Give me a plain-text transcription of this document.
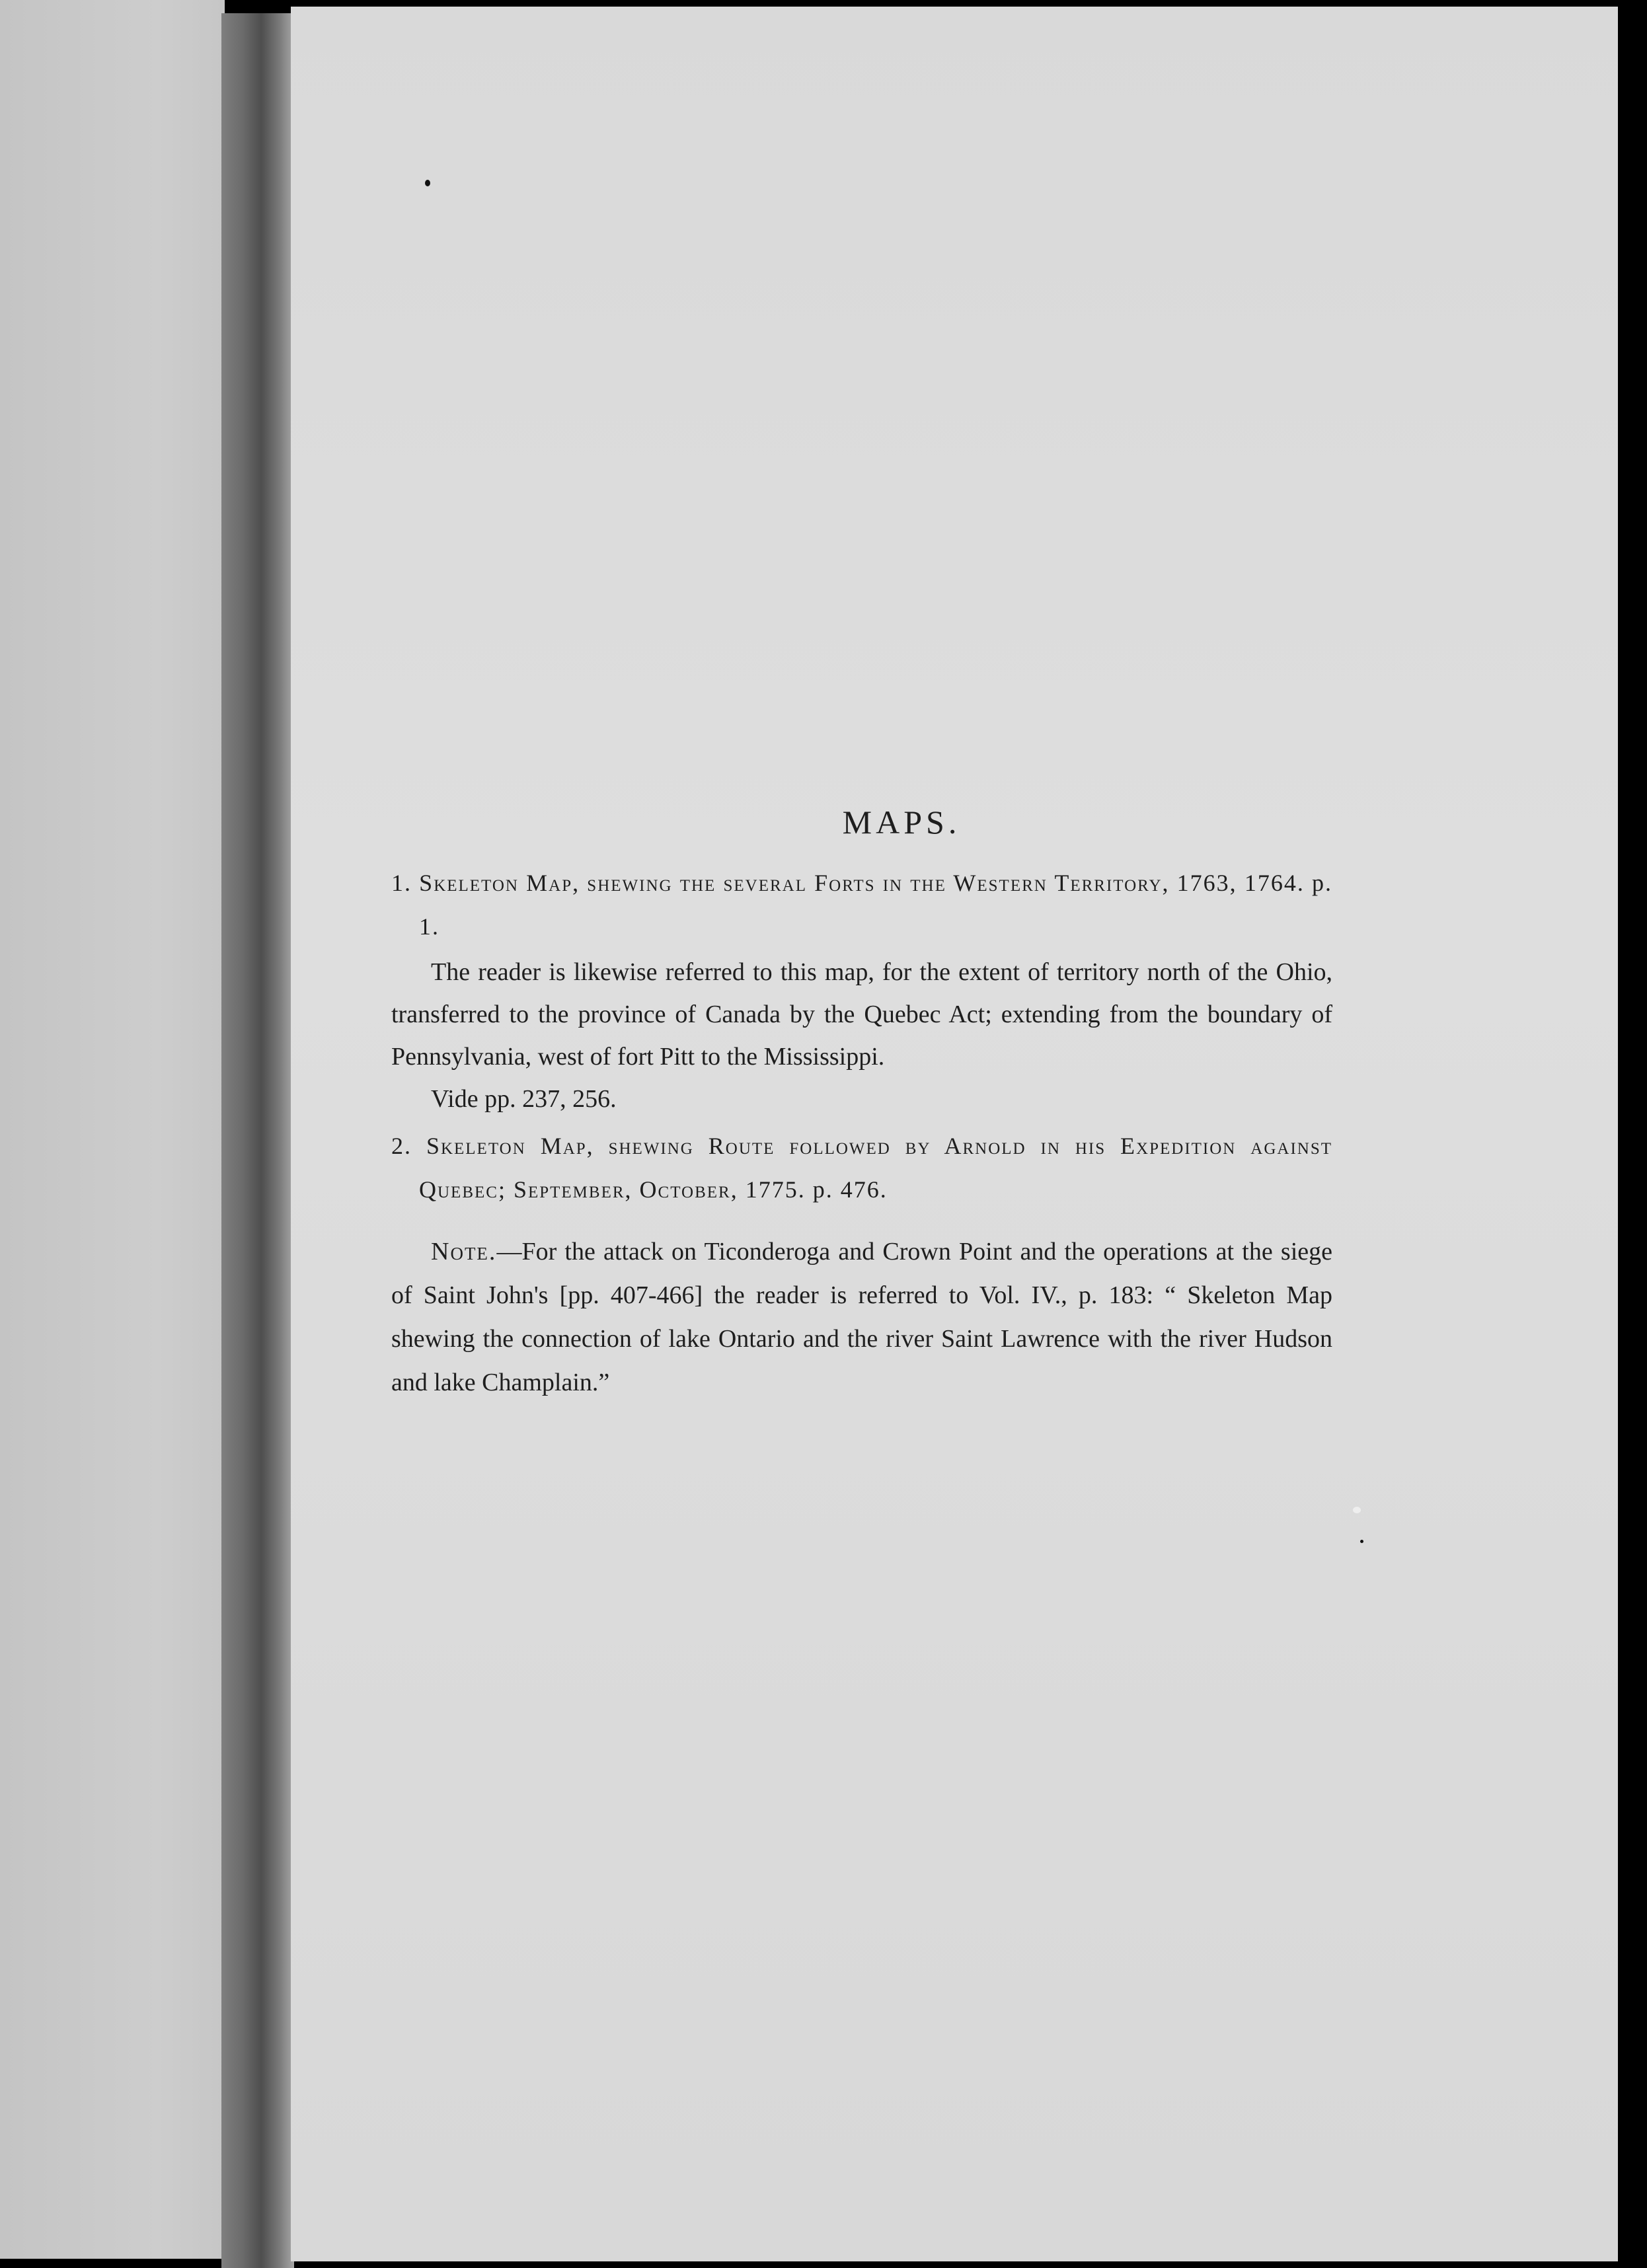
MAPS.

1. Skeleton Map, shewing the several Forts in the Western Territory, 1763, 1764. p. 1.

The reader is likewise referred to this map, for the extent of territory north of the Ohio, transferred to the province of Canada by the Quebec Act; extending from the boundary of Pennsylvania, west of fort Pitt to the Mississippi.

Vide pp. 237, 256.

2. Skeleton Map, shewing Route followed by Arnold in his Expedition against Quebec; September, October, 1775. p. 476.

Note.—For the attack on Ticonderoga and Crown Point and the operations at the siege of Saint John's [pp. 407-466] the reader is referred to Vol. IV., p. 183: “ Skeleton Map shewing the connection of lake Ontario and the river Saint Lawrence with the river Hudson and lake Champlain.”
